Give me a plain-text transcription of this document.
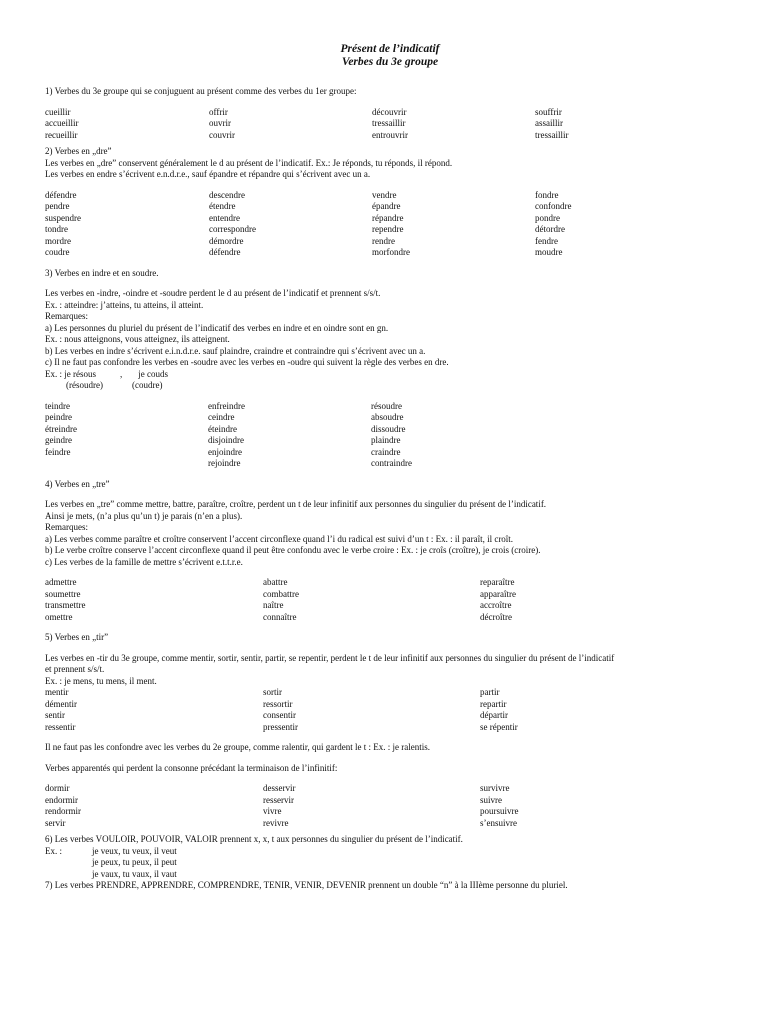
Présent de l’indicatif
Verbes du 3e groupe
1) Verbes du 3e groupe qui se conjuguent au présent comme des verbes du 1er groupe:
cueillir	offrir	découvrir	souffrir
accueillir	ouvrir	tressaillir	assaillir
recueillir	couvrir	entrouvrir	tressaillir
2) Verbes en „dre”
Les verbes en „dre” conservent généralement le d au présent de l’indicatif. Ex.: Je réponds, tu réponds, il répond.
Les verbes en endre s’écrivent e.n.d.r.e., sauf épandre et répandre qui s’écrivent avec un a.
défendre	descendre	vendre	fondre
pendre	étendre	épandre	confondre
suspendre	entendre	répandre	pondre
tondre	correspondre	rependre	détordre
mordre	démordre	rendre	fendre
coudre	défendre	morfondre	moudre
3) Verbes en indre et en soudre.
Les verbes en -indre, -oindre et -soudre perdent le d au présent de l’indicatif et prennent s/s/t.
Ex. : atteindre: j’atteins, tu atteins, il atteint.
Remarques:
a) Les personnes du pluriel du présent de l’indicatif des verbes en indre et en oindre sont en gn.
Ex. : nous atteignons, vous atteignez, ils atteignent.
b) Les verbes en indre s’écrivent e.i.n.d.r.e. sauf plaindre, craindre et contraindre qui s’écrivent avec un a.
c) Il ne faut pas confondre les verbes en -soudre avec les verbes en -oudre qui suivent la règle des verbes en dre.
Ex. : je résous	, je couds
(résoudre)	(coudre)
teindre	enfreindre	résoudre
peindre	ceindre	absoudre
étreindre	éteindre	dissoudre
geindre	disjoindre	plaindre
feindre	enjoindre	craindre
	rejoindre	contraindre
4) Verbes en „tre”
Les verbes en „tre” comme mettre, battre, paraître, croître, perdent un t de leur infinitif aux personnes du singulier du présent de l’indicatif.
Ainsi je mets, (n’a plus qu’un t) je parais (n’en a plus).
Remarques:
a) Les verbes comme paraître et croître conservent l’accent circonflexe quand l’i du radical est suivi d’un t : Ex. : il paraît, il croît.
b) Le verbe croître conserve l’accent circonflexe quand il peut être confondu avec le verbe croire : Ex. : je croîs (croître), je crois (croire).
c) Les verbes de la famille de mettre s’écrivent e.t.t.r.e.
admettre	abattre	reparaître
soumettre	combattre	apparaître
transmettre	naître	accroître
omettre	connaître	décroître
5) Verbes en „tir”
Les verbes en -tir du 3e groupe, comme mentir, sortir, sentir, partir, se repentir, perdent le t de leur infinitif aux personnes du singulier du présent de l’indicatif
et prennent s/s/t.
Ex. : je mens, tu mens, il ment.
mentir	sortir	partir
démentir	ressortir	repartir
sentir	consentir	départir
ressentir	pressentir	se répentir
Il ne faut pas les confondre avec les verbes du 2e groupe, comme ralentir, qui gardent le t : Ex. : je ralentis.
Verbes apparentés qui perdent la consonne précédant la terminaison de l’infinitif:
dormir	desservir	survivre
endormir	resservir	suivre
rendormir	vivre	poursuivre
servir	revivre	s’ensuivre
6) Les verbes VOULOIR, POUVOIR, VALOIR prennent x, x, t aux personnes du singulier du présent de l’indicatif.
Ex. :	je veux, tu veux, il veut
je peux, tu peux, il peut
je vaux, tu vaux, il vaut
7) Les verbes PRENDRE, APPRENDRE, COMPRENDRE, TENIR, VENIR, DEVENIR prennent un double “n” à la IIIème personne du pluriel.
